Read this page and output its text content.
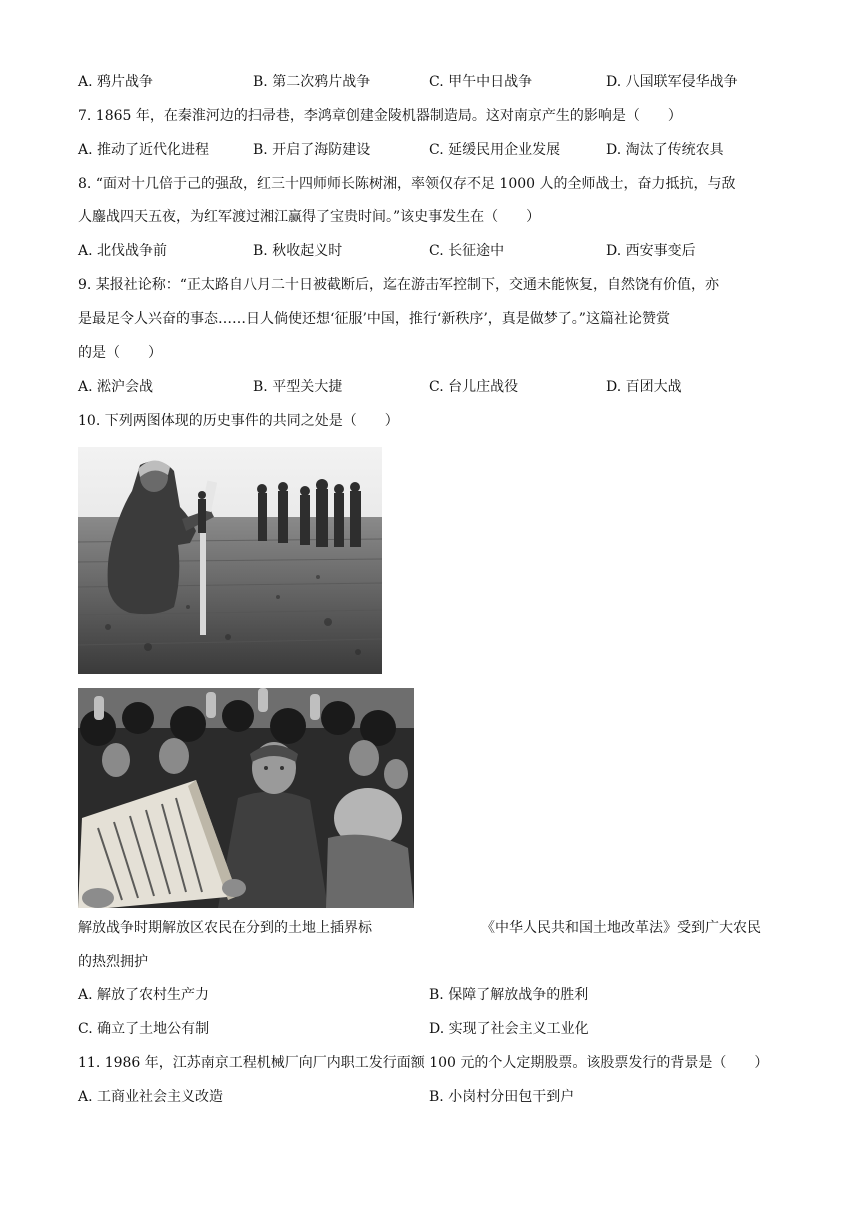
A. 鸦片战争	B. 第二次鸦片战争	C. 甲午中日战争	D. 八国联军侵华战争
7. 1865 年，在秦淮河边的扫帚巷，李鸿章创建金陵机器制造局。这对南京产生的影响是（　　）
A. 推动了近代化进程	B. 开启了海防建设	C. 延缓民用企业发展	D. 淘汰了传统农具
8. “面对十几倍于己的强敌，红三十四师师长陈树湘，率领仅存不足 1000 人的全师战士，奋力抵抗，与敌
人鏖战四天五夜，为红军渡过湘江赢得了宝贵时间。”该史事发生在（　　）
A. 北伐战争前	B. 秋收起义时	C. 长征途中	D. 西安事变后
9. 某报社论称：“正太路自八月二十日被截断后，迄在游击军控制下，交通未能恢复，自然饶有价值，亦
是最足令人兴奋的事态……日人倘使还想‘征服’中国，推行‘新秩序’，真是做梦了。”这篇社论赞赏
的是（　　）
A. 淞沪会战	B. 平型关大捷	C. 台儿庄战役	D. 百团大战
10. 下列两图体现的历史事件的共同之处是（　　）
解放战争时期解放区农民在分到的土地上插界标	《中华人民共和国土地改革法》受到广大农民
的热烈拥护
A. 解放了农村生产力	B. 保障了解放战争的胜利
C. 确立了土地公有制	D. 实现了社会主义工业化
11. 1986 年，江苏南京工程机械厂向厂内职工发行面额 100 元的个人定期股票。该股票发行的背景是（　　）
A. 工商业社会主义改造	B. 小岗村分田包干到户
